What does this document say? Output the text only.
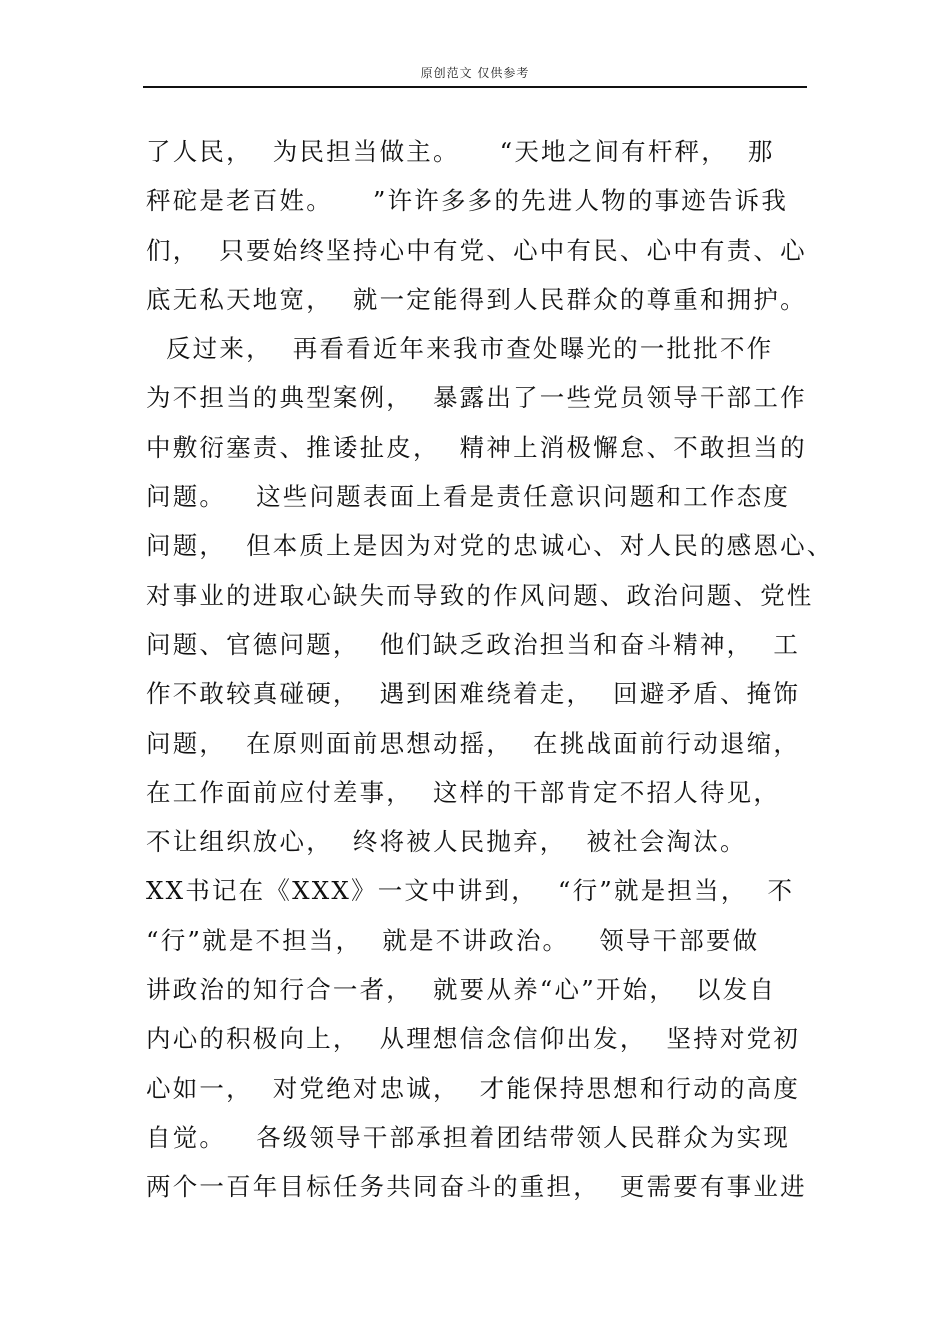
原创范文 仅供参考
了人民，  为民担当做主。    “天地之间有杆秤，  那
秤砣是老百姓。    ”许许多多的先进人物的事迹告诉我
们，  只要始终坚持心中有党、心中有民、心中有责、心
底无私天地宽，  就一定能得到人民群众的尊重和拥护。
反过来，  再看看近年来我市查处曝光的一批批不作
为不担当的典型案例，  暴露出了一些党员领导干部工作
中敷衍塞责、推诿扯皮，  精神上消极懈怠、不敢担当的
问题。   这些问题表面上看是责任意识问题和工作态度
问题，  但本质上是因为对党的忠诚心、对人民的感恩心、
对事业的进取心缺失而导致的作风问题、政治问题、党性
问题、官德问题，  他们缺乏政治担当和奋斗精神，  工
作不敢较真碰硬，  遇到困难绕着走，  回避矛盾、掩饰
问题，  在原则面前思想动摇，  在挑战面前行动退缩，
在工作面前应付差事，  这样的干部肯定不招人待见，
不让组织放心，  终将被人民抛弃，  被社会淘汰。
XX书记在《XXX》一文中讲到，  “行”就是担当，  不
“行”就是不担当，  就是不讲政治。   领导干部要做
讲政治的知行合一者，  就要从养“心”开始，  以发自
内心的积极向上，  从理想信念信仰出发，  坚持对党初
心如一，  对党绝对忠诚，  才能保持思想和行动的高度
自觉。   各级领导干部承担着团结带领人民群众为实现
两个一百年目标任务共同奋斗的重担，  更需要有事业进
